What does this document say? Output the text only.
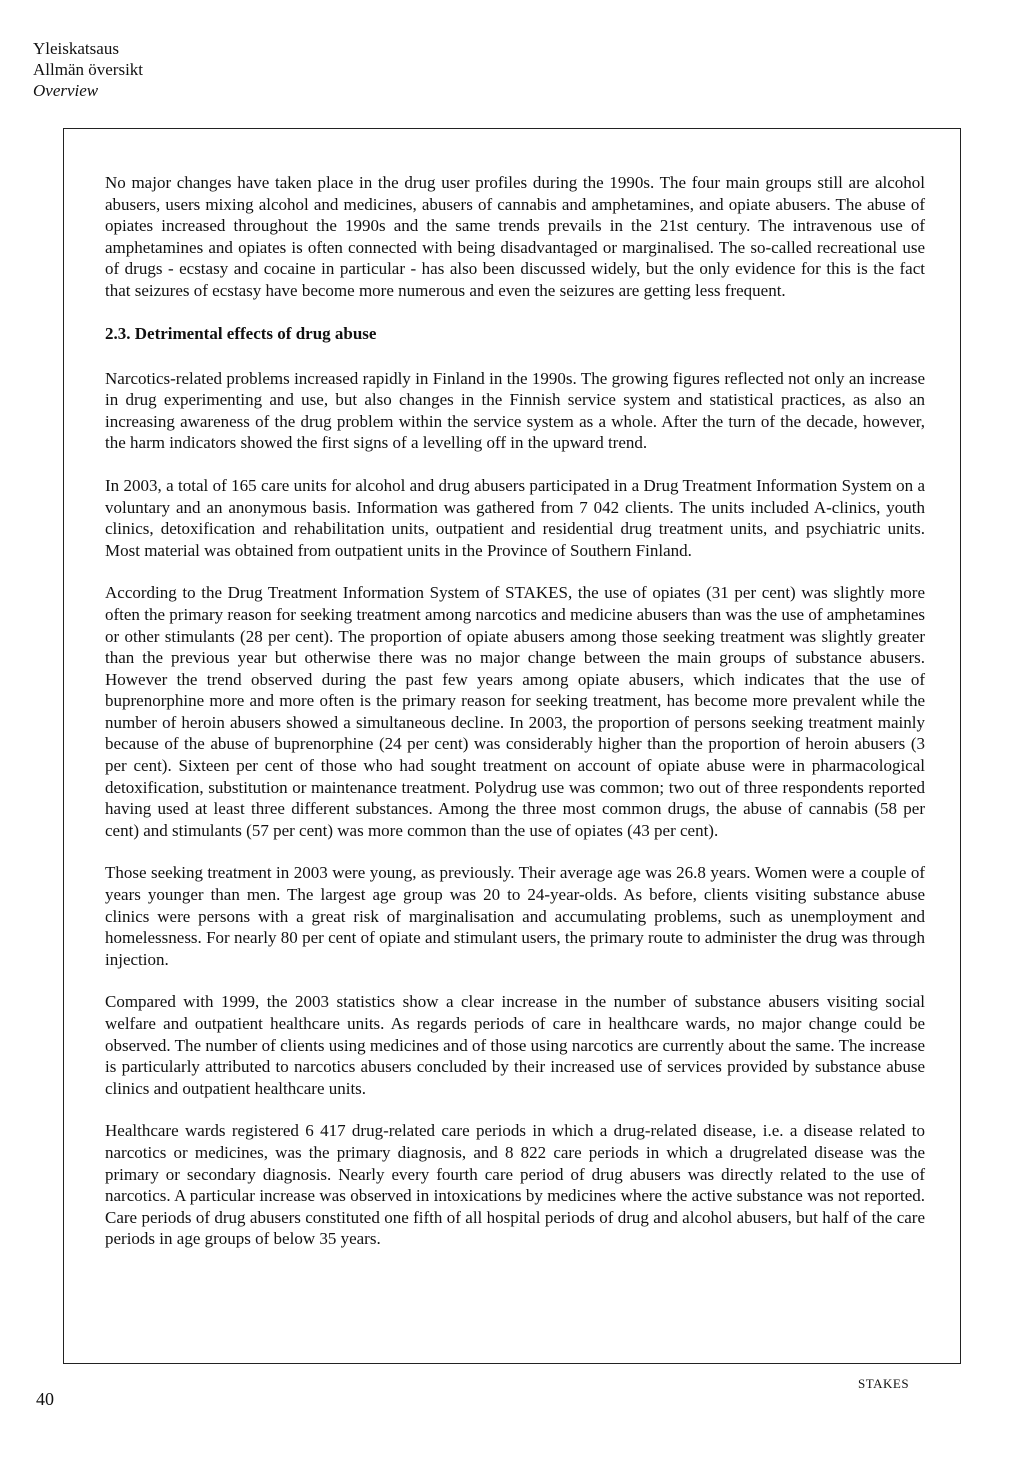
Yleiskatsaus
Allmän översikt
Overview

No major changes have taken place in the drug user profiles during the 1990s. The four main groups still are alcohol abusers, users mixing alcohol and medicines, abusers of cannabis and amphetamines, and opiate abusers. The abuse of opiates increased throughout the 1990s and the same trends prevails in the 21st century. The intravenous use of amphetamines and opiates is often connected with being disadvantaged or marginalised. The so-called recreational use of drugs - ecstasy and cocaine in particular - has also been discussed widely, but the only evidence for this is the fact that seizures of ecstasy have become more numerous and even the seizures are getting less frequent.

2.3. Detrimental effects of drug abuse

Narcotics-related problems increased rapidly in Finland in the 1990s. The growing figures reflected not only an increase in drug experimenting and use, but also changes in the Finnish service system and statistical practices, as also an increasing awareness of the drug problem within the service system as a whole. After the turn of the decade, however, the harm indicators showed the first signs of a levelling off in the upward trend.

In 2003, a total of 165 care units for alcohol and drug abusers participated in a Drug Treatment Information System on a voluntary and an anonymous basis. Information was gathered from 7 042 clients. The units included A-clinics, youth clinics, detoxification and rehabilitation units, outpatient and residential drug treatment units, and psychiatric units. Most material was obtained from outpatient units in the Province of Southern Finland.

According to the Drug Treatment Information System of STAKES, the use of opiates (31 per cent) was slightly more often the primary reason for seeking treatment among narcotics and medicine abusers than was the use of amphetamines or other stimulants (28 per cent). The proportion of opiate abusers among those seeking treatment was slightly greater than the previous year but otherwise there was no major change between the main groups of substance abusers. However the trend observed during the past few years among opiate abusers, which indicates that the use of buprenorphine more and more often is the primary reason for seeking treatment, has become more prevalent while the number of heroin abusers showed a simultaneous decline. In 2003, the proportion of persons seeking treatment mainly because of the abuse of buprenorphine (24 per cent) was considerably higher than the proportion of heroin abusers (3 per cent). Sixteen per cent of those who had sought treatment on account of opiate abuse were in pharmacological detoxification, substitution or maintenance treatment. Polydrug use was common; two out of three respondents reported having used at least three different substances. Among the three most common drugs, the abuse of cannabis (58 per cent) and stimulants (57 per cent) was more common than the use of opiates (43 per cent).

Those seeking treatment in 2003 were young, as previously. Their average age was 26.8 years. Women were a couple of years younger than men. The largest age group was 20 to 24-year-olds. As before, clients visiting substance abuse clinics were persons with a great risk of marginalisation and accumulating problems, such as unemployment and homelessness. For nearly 80 per cent of opiate and stimulant users, the primary route to administer the drug was through injection.

Compared with 1999, the 2003 statistics show a clear increase in the number of substance abusers visiting social welfare and outpatient healthcare units. As regards periods of care in healthcare wards, no major change could be observed. The number of clients using medicines and of those using narcotics are currently about the same. The increase is particularly attributed to narcotics abusers concluded by their increased use of services provided by substance abuse clinics and outpatient healthcare units.

Healthcare wards registered 6 417 drug-related care periods in which a drug-related disease, i.e. a disease related to narcotics or medicines, was the primary diagnosis, and 8 822 care periods in which a drugrelated disease was the primary or secondary diagnosis. Nearly every fourth care period of drug abusers was directly related to the use of narcotics. A particular increase was observed in intoxications by medicines where the active substance was not reported. Care periods of drug abusers constituted one fifth of all hospital periods of drug and alcohol abusers, but half of the care periods in age groups of below 35 years.

40
STAKES
